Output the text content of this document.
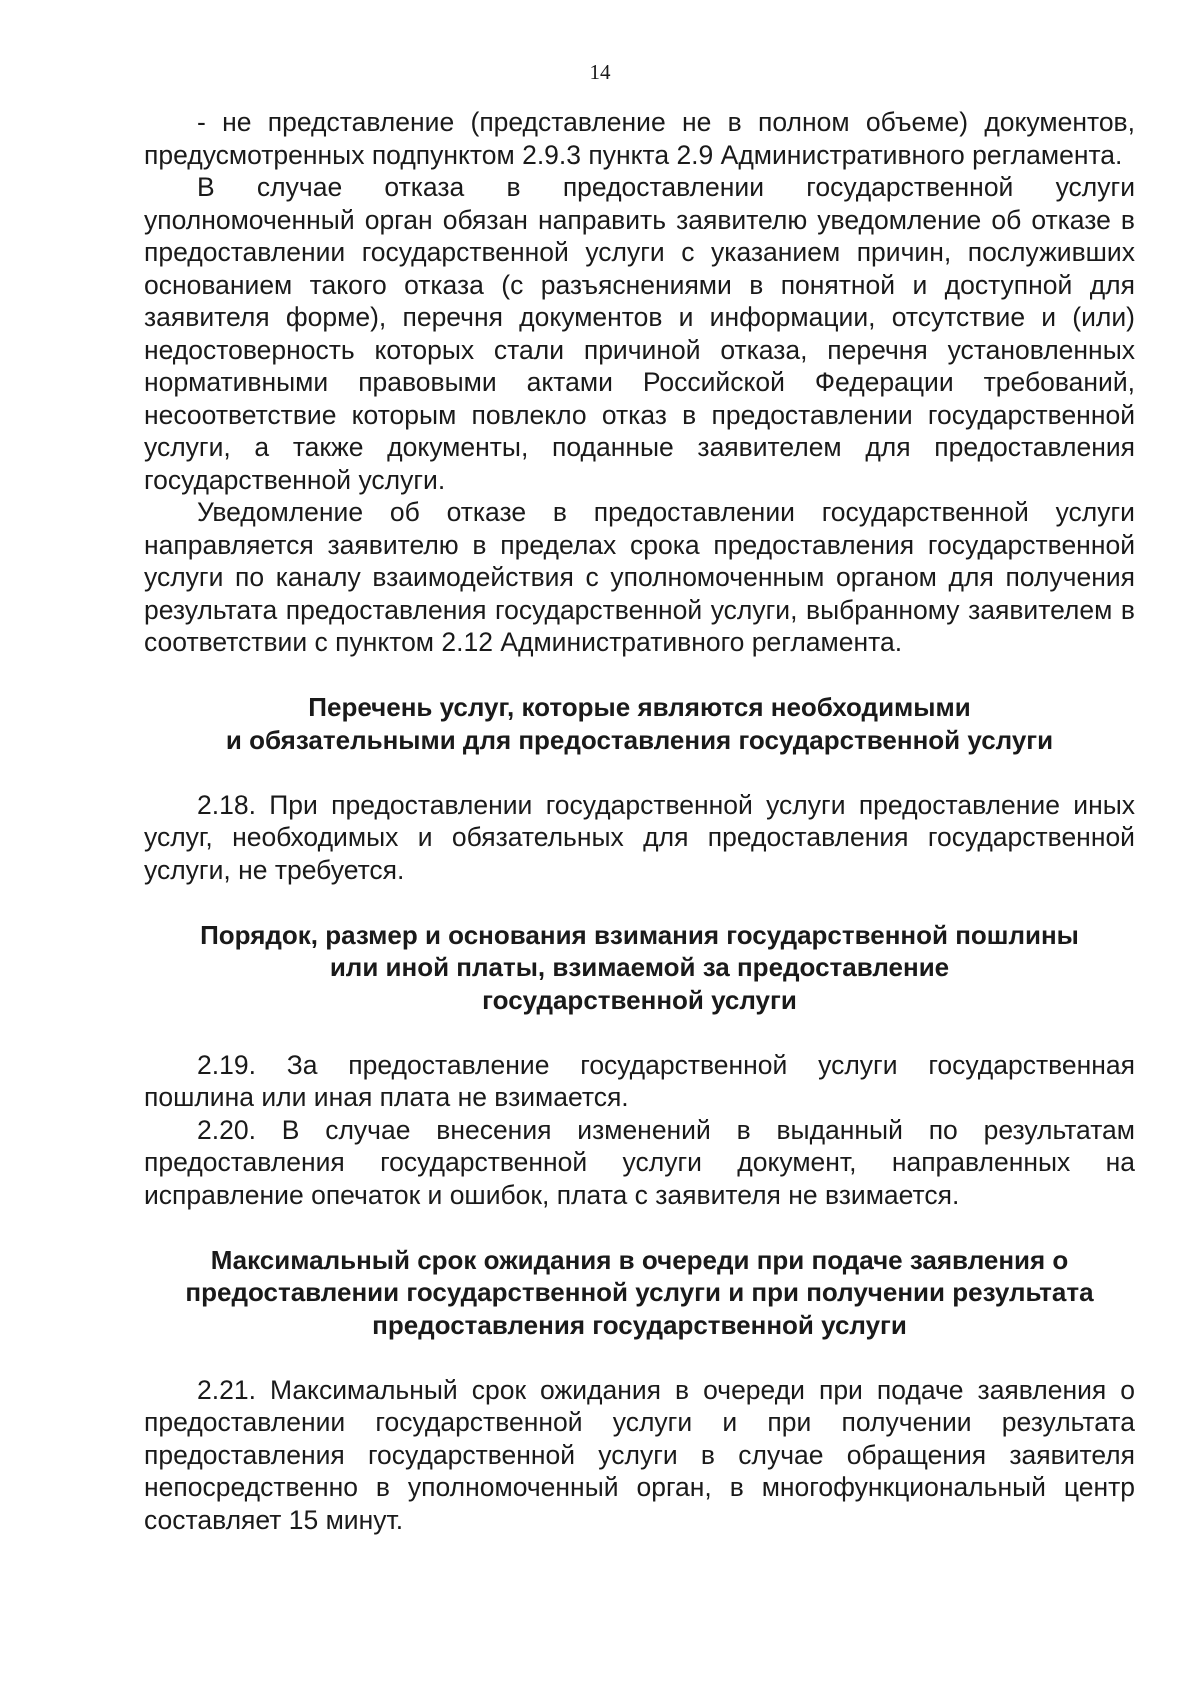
14

- не представление (представление не в полном объеме) документов, предусмотренных подпунктом 2.9.3 пункта 2.9 Административного регламента.

В случае отказа в предоставлении государственной услуги уполномоченный орган обязан направить заявителю уведомление об отказе в предоставлении государственной услуги с указанием причин, послуживших основанием такого отказа (с разъяснениями в понятной и доступной для заявителя форме), перечня документов и информации, отсутствие и (или) недостоверность которых стали причиной отказа, перечня установленных нормативными правовыми актами Российской Федерации требований, несоответствие которым повлекло отказ в предоставлении государственной услуги, а также документы, поданные заявителем для предоставления государственной услуги.

Уведомление об отказе в предоставлении государственной услуги направляется заявителю в пределах срока предоставления государственной услуги по каналу взаимодействия с уполномоченным органом для получения результата предоставления государственной услуги, выбранному заявителем в соответствии с пунктом 2.12 Административного регламента.

Перечень услуг, которые являются необходимыми

и обязательными для предоставления государственной услуги

2.18. При предоставлении государственной услуги предоставление иных услуг, необходимых и обязательных для предоставления государственной услуги, не требуется.

Порядок, размер и основания взимания государственной пошлины

или иной платы, взимаемой за предоставление

государственной услуги

2.19. За предоставление государственной услуги государственная пошлина или иная плата не взимается.

2.20. В случае внесения изменений в выданный по результатам предоставления государственной услуги документ, направленных на исправление опечаток и ошибок, плата с заявителя не взимается.

Максимальный срок ожидания в очереди при подаче заявления о

предоставлении государственной услуги и при получении результата

предоставления государственной услуги

2.21. Максимальный срок ожидания в очереди при подаче заявления о предоставлении государственной услуги и при получении результата предоставления государственной услуги в случае обращения заявителя непосредственно в уполномоченный орган, в многофункциональный центр составляет 15 минут.
